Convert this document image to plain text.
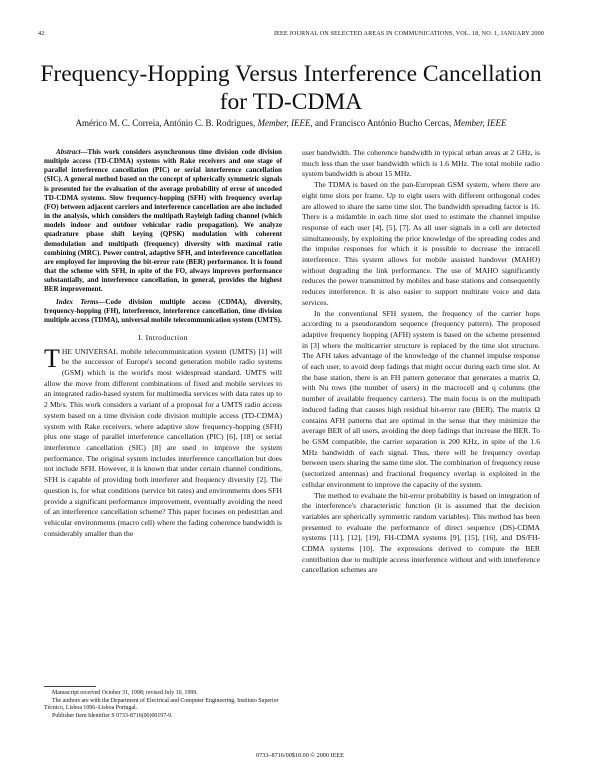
42	IEEE JOURNAL ON SELECTED AREAS IN COMMUNICATIONS, VOL. 18, NO. 1, JANUARY 2000
Frequency-Hopping Versus Interference Cancellation
for TD-CDMA
Américo M. C. Correia, António C. B. Rodrigues, Member, IEEE, and Francisco António Bucho Cercas, Member, IEEE

Abstract—This work considers asynchronous time division code division multiple access (TD-CDMA) systems with Rake receivers and one stage of parallel interference cancellation (PIC) or serial interference cancellation (SIC). A general method based on the concept of spherically symmetric signals is presented for the evaluation of the average probability of error of uncoded TD-CDMA systems. Slow frequency-hopping (SFH) with frequency overlap (FO) between adjacent carriers and interference cancellation are also included in the analysis, which considers the multipath Rayleigh fading channel (which models indoor and outdoor vehicular radio propagation). We analyze quadrature phase shift keying (QPSK) modulation with coherent demodulation and multipath (frequency) diversity with maximal ratio combining (MRC). Power control, adaptive SFH, and interference cancellation are employed for improving the bit-error rate (BER) performance. It is found that the scheme with SFH, in spite of the FO, always improves performance substantially, and interference cancellation, in general, provides the highest BER improvement.

Index Terms—Code division multiple access (CDMA), diversity, frequency-hopping (FH), interference, interference cancellation, time division multiple access (TDMA), universal mobile telecommunication system (UMTS).

I. Introduction

THE UNIVERSAL mobile telecommunication system (UMTS) [1] will be the successor of Europe's second generation mobile radio systems (GSM) which is the world's most widespread standard. UMTS will allow the move from different combinations of fixed and mobile services to an integrated radio-based system for multimedia services with data rates up to 2 Mb/s. This work considers a variant of a proposal for a UMTS radio access system based on a time division code division multiple access (TD-CDMA) system with Rake receivers, where adaptive slow frequency-hopping (SFH) plus one stage of parallel interference cancellation (PIC) [6], [18] or serial interference cancellation (SIC) [8] are used to improve the system performance. The original system includes interference cancellation but does not include SFH. However, it is known that under certain channel conditions, SFH is capable of providing both interferer and frequency diversity [2]. The question is, for what conditions (service bit rates) and environments does SFH provide a significant performance improvement, eventually avoiding the need of an interference cancellation scheme? This paper focuses on pedestrian and vehicular environments (macro cell) where the fading coherence bandwidth is considerably smaller than the

user bandwidth. The coherence bandwidth in typical urban areas at 2 GHz, is much less than the user bandwidth which is 1.6 MHz. The total mobile radio system bandwidth is about 15 MHz.

The TDMA is based on the pan-European GSM system, where there are eight time slots per frame. Up to eight users with different orthogonal codes are allowed to share the same time slot. The bandwidth spreading factor is 16. There is a midamble in each time slot used to estimate the channel impulse response of each user [4], [5], [7]. As all user signals in a cell are detected simultaneously, by exploiting the prior knowledge of the spreading codes and the impulse responses for which it is possible to decrease the intracell interference. This system allows for mobile assisted handover (MAHO) without degrading the link performance. The use of MAHO significantly reduces the power transmitted by mobiles and base stations and consequently reduces interference. It is also easier to support multirate voice and data services.

In the conventional SFH system, the frequency of the carrier hops according to a pseudorandom sequence (frequency pattern). The proposed adaptive frequency hopping (AFH) system is based on the scheme presented in [3] where the multicarrier structure is replaced by the time slot structure. The AFH takes advantage of the knowledge of the channel impulse response of each user, to avoid deep fadings that might occur during each time slot. At the base station, there is an FH pattern generator that generates a matrix Ω, with Nu rows (the number of users) in the macrocell and q columns (the number of available frequency carriers). The main focus is on the multipath induced fading that causes high residual bit-error rate (BER). The matrix Ω contains AFH patterns that are optimal in the sense that they minimize the average BER of all users, avoiding the deep fadings that increase the BER. To be GSM compatible, the carrier separation is 200 KHz, in spite of the 1.6 MHz bandwidth of each signal. Thus, there will be frequency overlap between users sharing the same time slot. The combination of frequency reuse (sectorized antennas) and fractional frequency overlap is exploited in the cellular environment to improve the capacity of the system.

The method to evaluate the bit-error probability is based on integration of the interference's characteristic function (it is assumed that the decision variables are spherically symmetric random variables). This method has been presented to evaluate the performance of direct sequence (DS)-CDMA systems [11], [12], [19], FH-CDMA systems [9], [15], [16], and DS/FH-CDMA systems [10]. The expressions derived to compute the BER contribution due to multiple access interference without and with interference cancellation schemes are

Manuscript received October 31, 1998; revised July 10, 1999.

The authors are with the Department of Electrical and Computer Engineering, Instituto Superior Técnico, Lisboa 1096–Lisboa Portugal.

Publisher Item Identifier S 0733-8716(00)00197-9.

0733–8716/00$10.00 © 2000 IEEE
